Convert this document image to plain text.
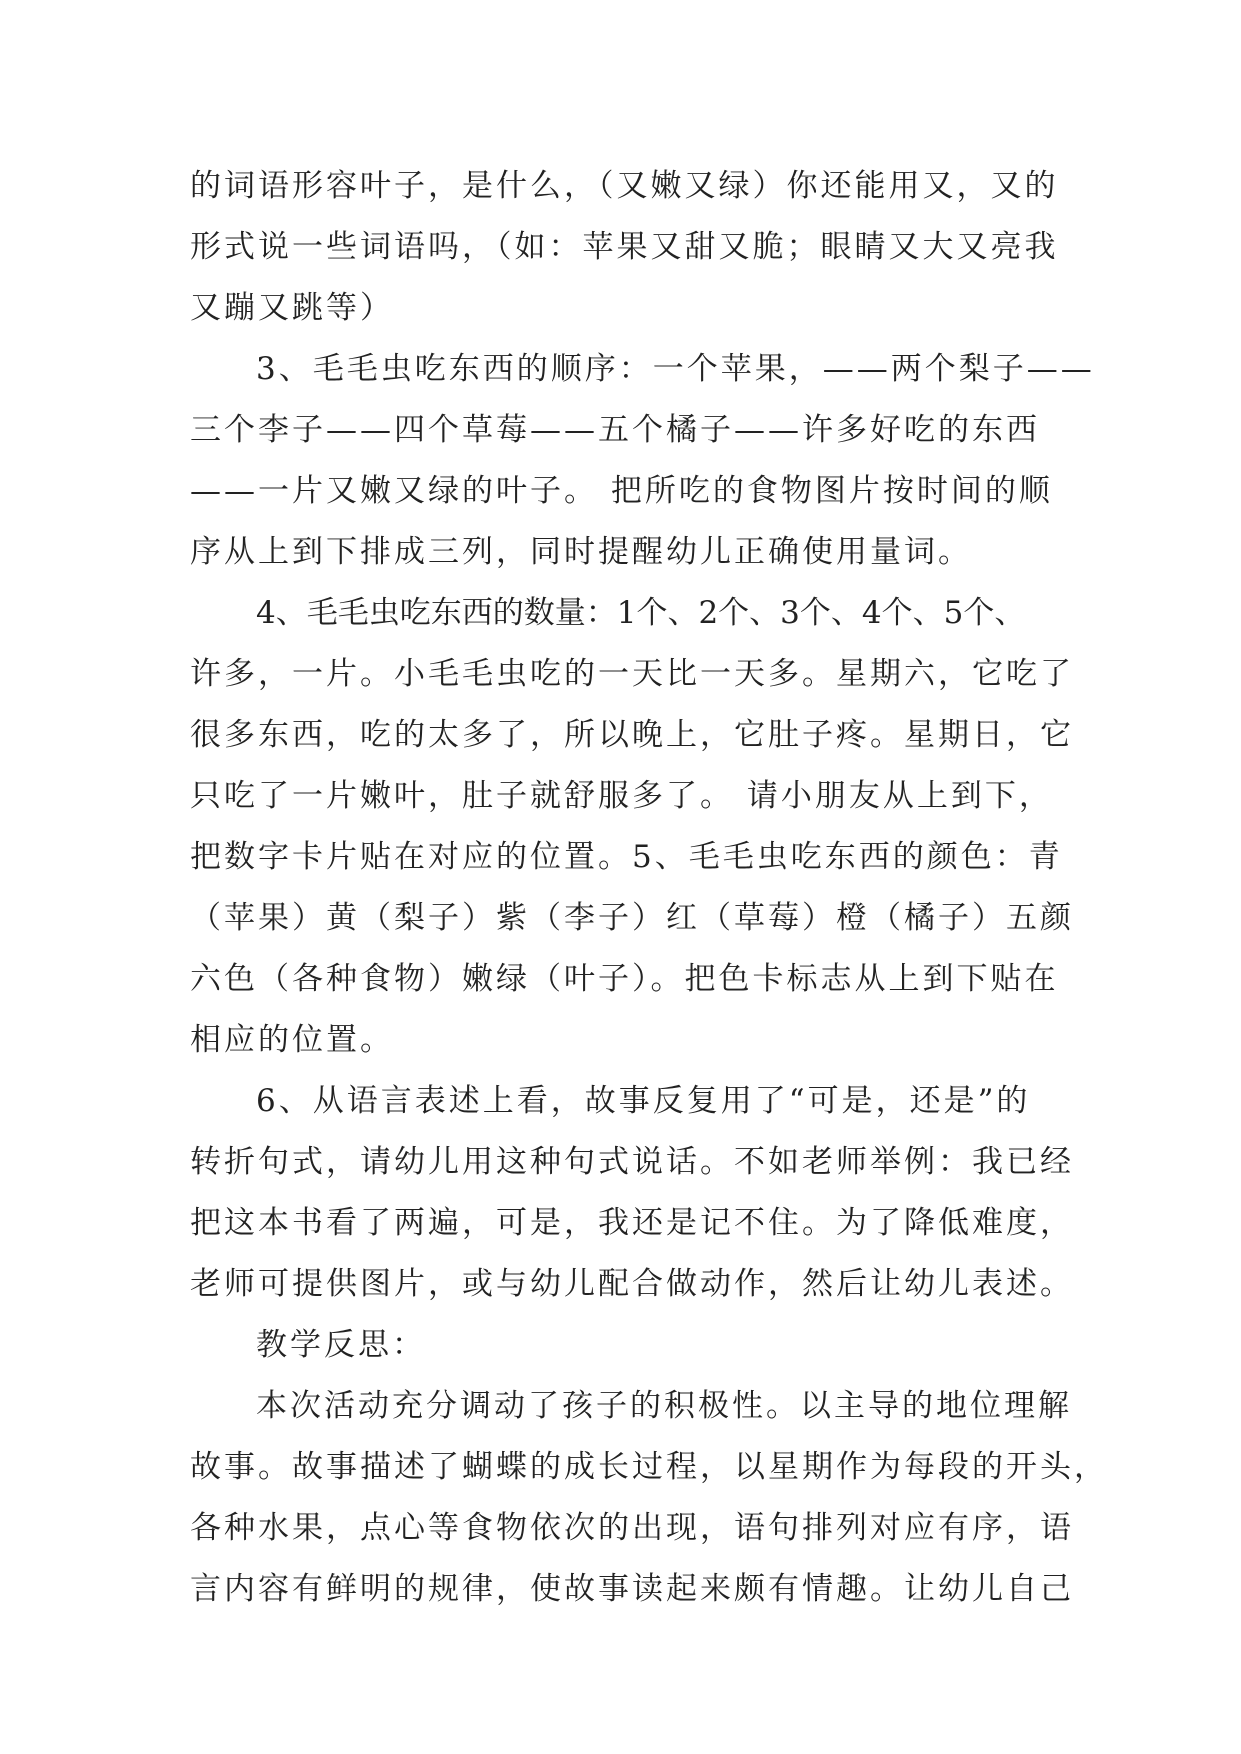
的词语形容叶子，是什么，（又嫩又绿）你还能用又，又的
形式说一些词语吗，（如：苹果又甜又脆；眼睛又大又亮我
又蹦又跳等）
3、毛毛虫吃东西的顺序：一个苹果，——两个梨子——
三个李子——四个草莓——五个橘子——许多好吃的东西
——一片又嫩又绿的叶子。 把所吃的食物图片按时间的顺
序从上到下排成三列，同时提醒幼儿正确使用量词。
4、毛毛虫吃东西的数量：1个、2个、3个、4个、5个、
许多，一片。小毛毛虫吃的一天比一天多。星期六，它吃了
很多东西，吃的太多了，所以晚上，它肚子疼。星期日，它
只吃了一片嫩叶，肚子就舒服多了。 请小朋友从上到下，
把数字卡片贴在对应的位置。5、毛毛虫吃东西的颜色：青
（苹果）黄（梨子）紫（李子）红（草莓）橙（橘子）五颜
六色（各种食物）嫩绿（叶子）。把色卡标志从上到下贴在
相应的位置。
6、从语言表述上看，故事反复用了“可是，还是”的
转折句式，请幼儿用这种句式说话。不如老师举例：我已经
把这本书看了两遍，可是，我还是记不住。为了降低难度，
老师可提供图片，或与幼儿配合做动作，然后让幼儿表述。
教学反思：
本次活动充分调动了孩子的积极性。以主导的地位理解
故事。故事描述了蝴蝶的成长过程，以星期作为每段的开头，
各种水果，点心等食物依次的出现，语句排列对应有序，语
言内容有鲜明的规律，使故事读起来颇有情趣。让幼儿自己
